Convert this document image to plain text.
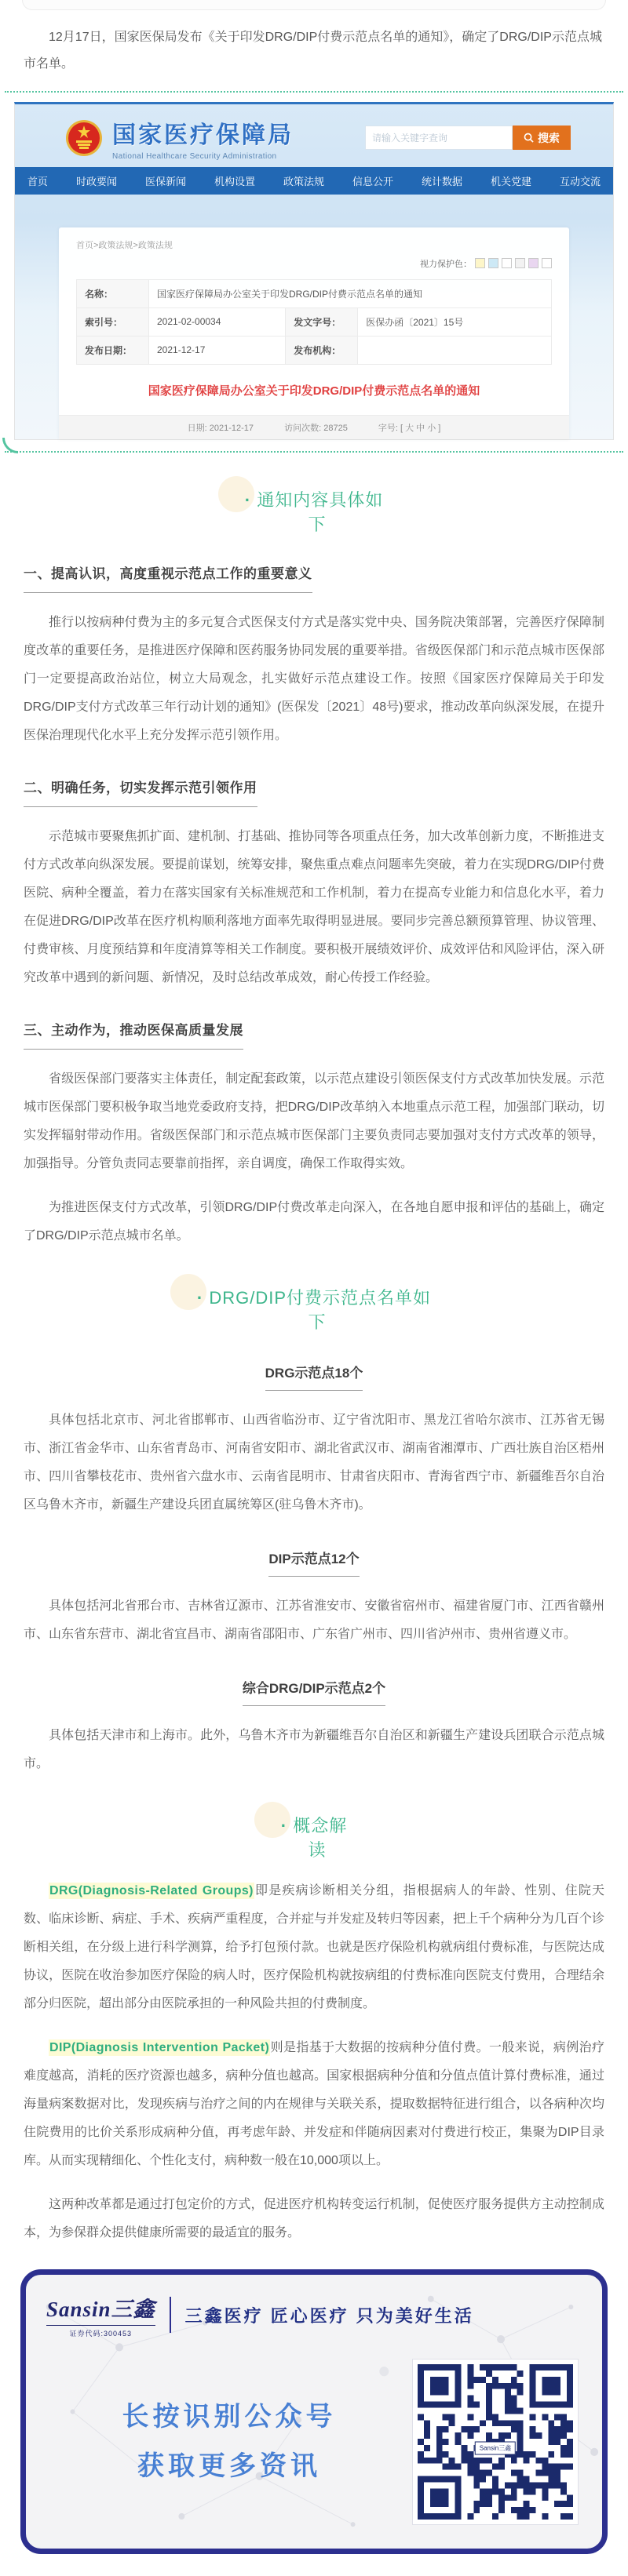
12月17日，国家医保局发布《关于印发DRG/DIP付费示范点名单的通知》，确定了DRG/DIP示范点城市名单。

国家医疗保障局
National Healthcare Security Administration
请输入关键字查询
搜索
首页	时政要闻	医保新闻	机构设置	政策法规	信息公开	统计数据	机关党建	互动交流
首页>政策法规>政策法规
视力保护色：
名称：	国家医疗保障局办公室关于印发DRG/DIP付费示范点名单的通知		
索引号：	2021-02-00034	发文字号：	医保办函〔2021〕15号
发布日期：	2021-12-17	发布机构：	
国家医疗保障局办公室关于印发DRG/DIP付费示范点名单的通知
日期: 2021-12-17	访问次数: 28725	字号: [ 大 中 小 ]
· 通知内容具体如下
一、提高认识，高度重视示范点工作的重要意义

推行以按病种付费为主的多元复合式医保支付方式是落实党中央、国务院决策部署，完善医疗保障制度改革的重要任务，是推进医疗保障和医药服务协同发展的重要举措。省级医保部门和示范点城市医保部门一定要提高政治站位，树立大局观念，扎实做好示范点建设工作。按照《国家医疗保障局关于印发DRG/DIP支付方式改革三年行动计划的通知》(医保发〔2021〕48号)要求，推动改革向纵深发展，在提升医保治理现代化水平上充分发挥示范引领作用。

二、明确任务，切实发挥示范引领作用

示范城市要聚焦抓扩面、建机制、打基础、推协同等各项重点任务，加大改革创新力度，不断推进支付方式改革向纵深发展。要提前谋划，统筹安排，聚焦重点难点问题率先突破，着力在实现DRG/DIP付费医院、病种全覆盖，着力在落实国家有关标准规范和工作机制，着力在提高专业能力和信息化水平，着力在促进DRG/DIP改革在医疗机构顺利落地方面率先取得明显进展。要同步完善总额预算管理、协议管理、付费审核、月度预结算和年度清算等相关工作制度。要积极开展绩效评价、成效评估和风险评估，深入研究改革中遇到的新问题、新情况，及时总结改革成效，耐心传授工作经验。

三、主动作为，推动医保高质量发展

省级医保部门要落实主体责任，制定配套政策，以示范点建设引领医保支付方式改革加快发展。示范城市医保部门要积极争取当地党委政府支持，把DRG/DIP改革纳入本地重点示范工程，加强部门联动，切实发挥辐射带动作用。省级医保部门和示范点城市医保部门主要负责同志要加强对支付方式改革的领导，加强指导。分管负责同志要靠前指挥，亲自调度，确保工作取得实效。

为推进医保支付方式改革，引领DRG/DIP付费改革走向深入，在各地自愿申报和评估的基础上，确定了DRG/DIP示范点城市名单。

· DRG/DIP付费示范点名单如下
DRG示范点18个

具体包括北京市、河北省邯郸市、山西省临汾市、辽宁省沈阳市、黑龙江省哈尔滨市、江苏省无锡市、浙江省金华市、山东省青岛市、河南省安阳市、湖北省武汉市、湖南省湘潭市、广西壮族自治区梧州市、四川省攀枝花市、贵州省六盘水市、云南省昆明市、甘肃省庆阳市、青海省西宁市、新疆维吾尔自治区乌鲁木齐市，新疆生产建设兵团直属统筹区(驻乌鲁木齐市)。

DIP示范点12个

具体包括河北省邢台市、吉林省辽源市、江苏省淮安市、安徽省宿州市、福建省厦门市、江西省赣州市、山东省东营市、湖北省宜昌市、湖南省邵阳市、广东省广州市、四川省泸州市、贵州省遵义市。

综合DRG/DIP示范点2个

具体包括天津市和上海市。此外，乌鲁木齐市为新疆维吾尔自治区和新疆生产建设兵团联合示范点城市。

· 概念解读

DRG(Diagnosis-Related Groups)即是疾病诊断相关分组，指根据病人的年龄、性别、住院天数、临床诊断、病症、手术、疾病严重程度，合并症与并发症及转归等因素，把上千个病种分为几百个诊断相关组，在分级上进行科学测算，给予打包预付款。也就是医疗保险机构就病组付费标准，与医院达成协议，医院在收治参加医疗保险的病人时，医疗保险机构就按病组的付费标准向医院支付费用，合理结余部分归医院，超出部分由医院承担的一种风险共担的付费制度。

DIP(Diagnosis Intervention Packet)则是指基于大数据的按病种分值付费。一般来说，病例治疗难度越高，消耗的医疗资源也越多，病种分值也越高。国家根据病种分值和分值点值计算付费标准，通过海量病案数据对比，发现疾病与治疗之间的内在规律与关联关系，提取数据特征进行组合，以各病种次均住院费用的比价关系形成病种分值，再考虑年龄、并发症和伴随病因素对付费进行校正，集聚为DIP目录库。从而实现精细化、个性化支付，病种数一般在10,000项以上。

这两种改革都是通过打包定价的方式，促进医疗机构转变运行机制，促使医疗服务提供方主动控制成本，为参保群众提供健康所需要的最适宜的服务。

Sansin三鑫
证券代码:300453
三鑫医疗 匠心医疗 只为美好生活
长按识别公众号
获取更多资讯
Sansin三鑫
